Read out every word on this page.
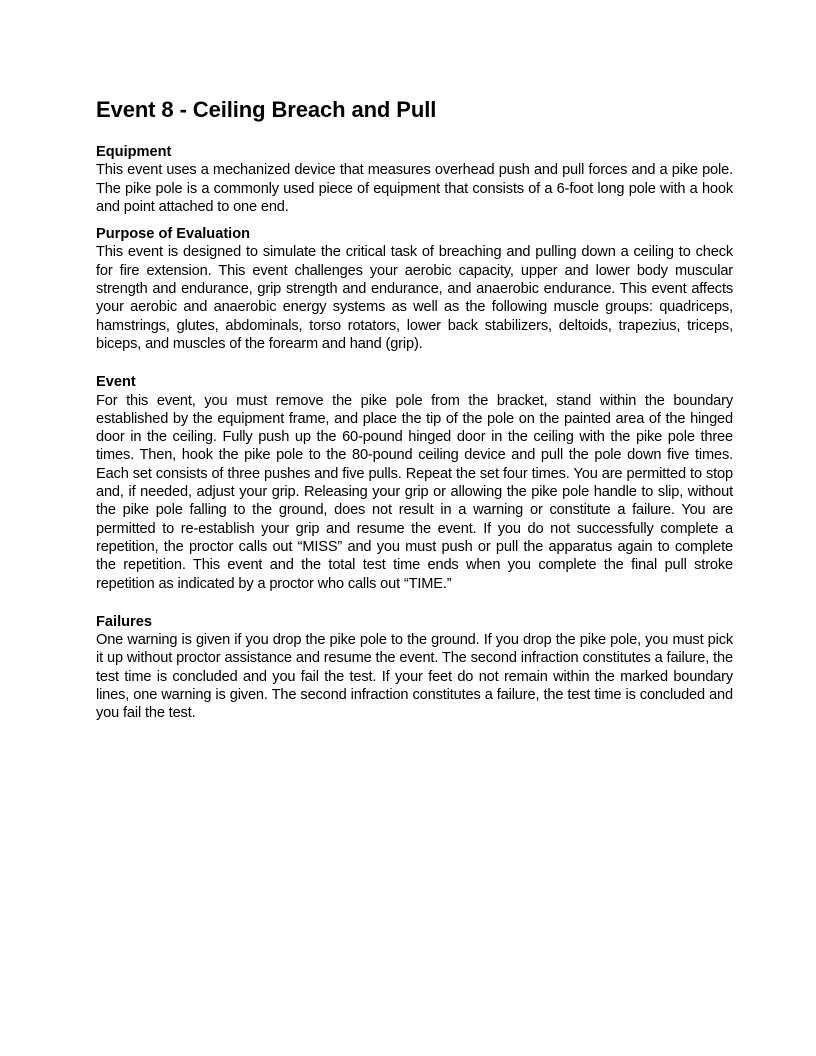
Event 8 - Ceiling Breach and Pull

Equipment

This event uses a mechanized device that measures overhead push and pull forces and a pike pole. The pike pole is a commonly used piece of equipment that consists of a 6-foot long pole with a hook and point attached to one end.

Purpose of Evaluation

This event is designed to simulate the critical task of breaching and pulling down a ceiling to check for fire extension. This event challenges your aerobic capacity, upper and lower body muscular strength and endurance, grip strength and endurance, and anaerobic endurance. This event affects your aerobic and anaerobic energy systems as well as the following muscle groups: quadriceps, hamstrings, glutes, abdominals, torso rotators, lower back stabilizers, deltoids, trapezius, triceps, biceps, and muscles of the forearm and hand (grip).

Event

For this event, you must remove the pike pole from the bracket, stand within the boundary established by the equipment frame, and place the tip of the pole on the painted area of the hinged door in the ceiling. Fully push up the 60-pound hinged door in the ceiling with the pike pole three times. Then, hook the pike pole to the 80-pound ceiling device and pull the pole down five times. Each set consists of three pushes and five pulls. Repeat the set four times. You are permitted to stop and, if needed, adjust your grip. Releasing your grip or allowing the pike pole handle to slip, without the pike pole falling to the ground, does not result in a warning or constitute a failure. You are permitted to re-establish your grip and resume the event. If you do not successfully complete a repetition, the proctor calls out “MISS” and you must push or pull the apparatus again to complete the repetition. This event and the total test time ends when you complete the final pull stroke repetition as indicated by a proctor who calls out “TIME.”

Failures

One warning is given if you drop the pike pole to the ground. If you drop the pike pole, you must pick it up without proctor assistance and resume the event. The second infraction constitutes a failure, the test time is concluded and you fail the test. If your feet do not remain within the marked boundary lines, one warning is given. The second infraction constitutes a failure, the test time is concluded and you fail the test.
